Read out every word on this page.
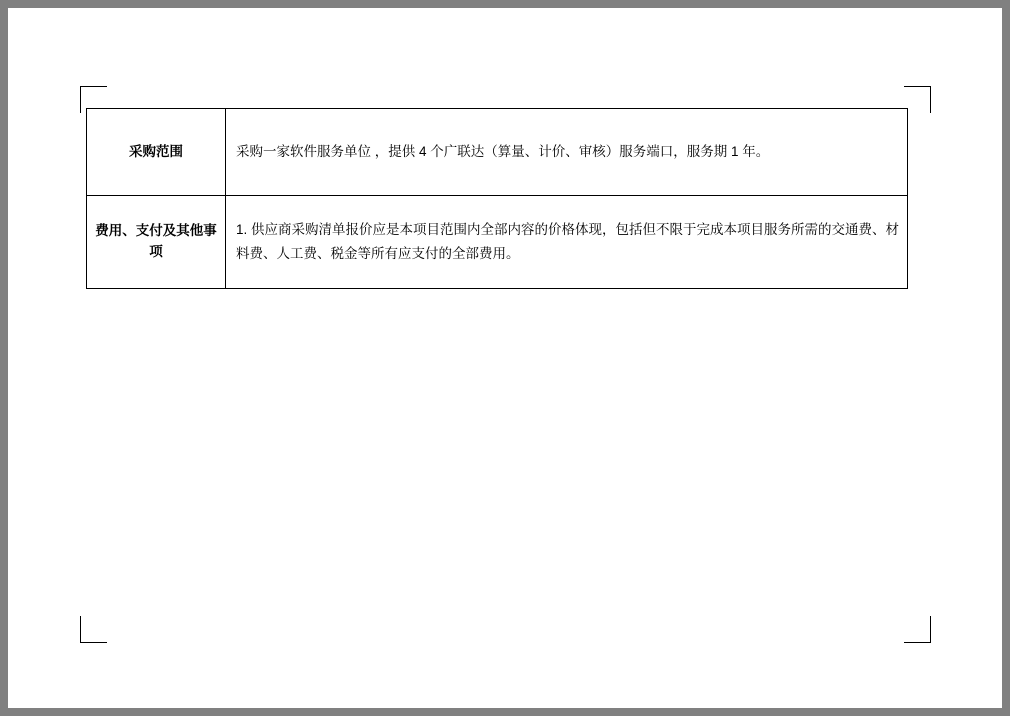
采购范围	采购一家软件服务单位 ，提供 4 个广联达（算量、计价、审核）服务端口，服务期 1 年。
费用、支付及其他事项	1. 供应商采购清单报价应是本项目范围内全部内容的价格体现，包括但不限于完成本项目服务所需的交通费、材料费、人工费、税金等所有应支付的全部费用。
